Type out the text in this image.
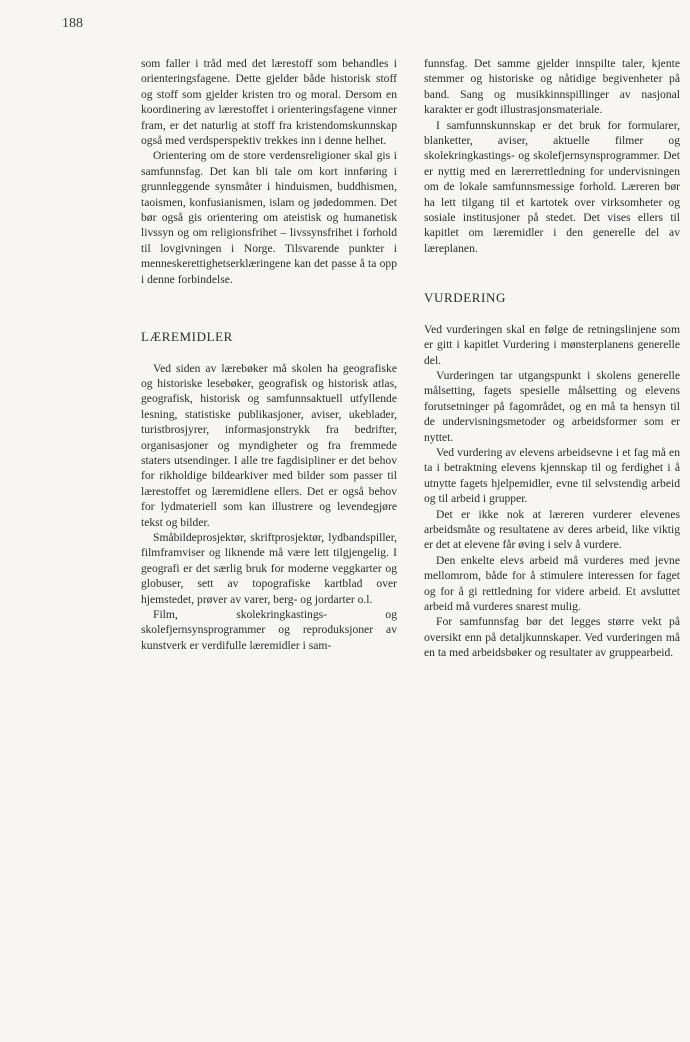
188

som faller i tråd med det lærestoff som behandles i orienteringsfagene. Dette gjelder både historisk stoff og stoff som gjelder kristen tro og moral. Dersom en koordinering av lærestoffet i orienteringsfagene vinner fram, er det naturlig at stoff fra kristendomskunnskap også med verdsperspektiv trekkes inn i denne helhet.

Orientering om de store verdensreligioner skal gis i samfunnsfag. Det kan bli tale om kort innføring i grunnleggende synsmåter i hinduismen, buddhismen, taoismen, konfusianismen, islam og jødedommen. Det bør også gis orientering om ateistisk og humanetisk livssyn og om religionsfrihet – livssynsfrihet i forhold til lovgivningen i Norge. Tilsvarende punkter i menneskerettighetserklæringene kan det passe å ta opp i denne forbindelse.

LÆREMIDLER

Ved siden av lærebøker må skolen ha geografiske og historiske lesebøker, geografisk og historisk atlas, geografisk, historisk og samfunnsaktuell utfyllende lesning, statistiske publikasjoner, aviser, ukeblader, turistbrosjyrer, informasjonstrykk fra bedrifter, organisasjoner og myndigheter og fra fremmede staters utsendinger. I alle tre fagdisipliner er det behov for rikholdige bildearkiver med bilder som passer til lærestoffet og læremidlene ellers. Det er også behov for lydmateriell som kan illustrere og levendegjøre tekst og bilder.

Småbildeprosjektør, skriftprosjektør, lydbandspiller, filmframviser og liknende må være lett tilgjengelig. I geografi er det særlig bruk for moderne veggkarter og globuser, sett av topografiske kartblad over hjemstedet, prøver av varer, berg- og jordarter o.l.

Film, skolekringkastings- og skolefjernsynsprogrammer og reproduksjoner av kunstverk er verdifulle læremidler i sam-

funnsfag. Det samme gjelder innspilte taler, kjente stemmer og historiske og nåtidige begivenheter på band. Sang og musikkinnspillinger av nasjonal karakter er godt illustrasjonsmateriale.

I samfunnskunnskap er det bruk for formularer, blanketter, aviser, aktuelle filmer og skolekringkastings- og skolefjernsynsprogrammer. Det er nyttig med en lærerrettledning for undervisningen om de lokale samfunnsmessige forhold. Læreren bør ha lett tilgang til et kartotek over virksomheter og sosiale institusjoner på stedet. Det vises ellers til kapitlet om læremidler i den generelle del av læreplanen.

VURDERING

Ved vurderingen skal en følge de retningslinjene som er gitt i kapitlet Vurdering i mønsterplanens generelle del.

Vurderingen tar utgangspunkt i skolens generelle målsetting, fagets spesielle målsetting og elevens forutsetninger på fagområdet, og en må ta hensyn til de undervisningsmetoder og arbeidsformer som er nyttet.

Ved vurdering av elevens arbeidsevne i et fag må en ta i betraktning elevens kjennskap til og ferdighet i å utnytte fagets hjelpemidler, evne til selvstendig arbeid og til arbeid i grupper.

Det er ikke nok at læreren vurderer elevenes arbeidsmåte og resultatene av deres arbeid, like viktig er det at elevene får øving i selv å vurdere.

Den enkelte elevs arbeid må vurderes med jevne mellomrom, både for å stimulere interessen for faget og for å gi rettledning for videre arbeid. Et avsluttet arbeid må vurderes snarest mulig.

For samfunnsfag bør det legges større vekt på oversikt enn på detaljkunnskaper. Ved vurderingen må en ta med arbeidsbøker og resultater av gruppearbeid.
